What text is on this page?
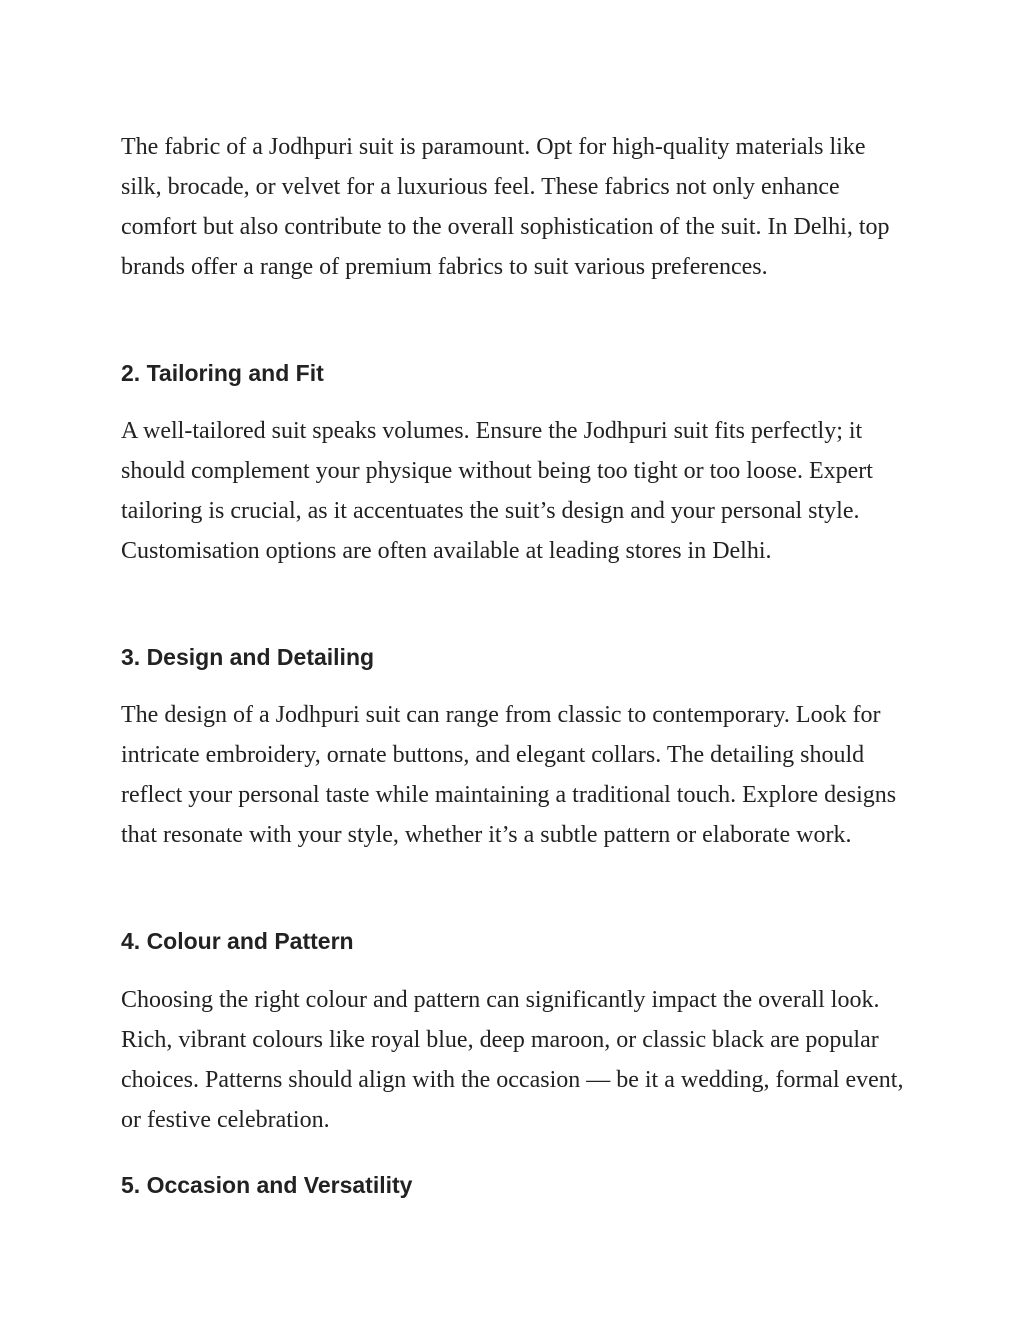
The fabric of a Jodhpuri suit is paramount. Opt for high-quality materials like silk, brocade, or velvet for a luxurious feel. These fabrics not only enhance comfort but also contribute to the overall sophistication of the suit. In Delhi, top brands offer a range of premium fabrics to suit various preferences.

2. Tailoring and Fit

A well-tailored suit speaks volumes. Ensure the Jodhpuri suit fits perfectly; it should complement your physique without being too tight or too loose. Expert tailoring is crucial, as it accentuates the suit’s design and your personal style. Customisation options are often available at leading stores in Delhi.

3. Design and Detailing

The design of a Jodhpuri suit can range from classic to contemporary. Look for intricate embroidery, ornate buttons, and elegant collars. The detailing should reflect your personal taste while maintaining a traditional touch. Explore designs that resonate with your style, whether it’s a subtle pattern or elaborate work.

4. Colour and Pattern

Choosing the right colour and pattern can significantly impact the overall look. Rich, vibrant colours like royal blue, deep maroon, or classic black are popular choices. Patterns should align with the occasion — be it a wedding, formal event, or festive celebration.

5. Occasion and Versatility
